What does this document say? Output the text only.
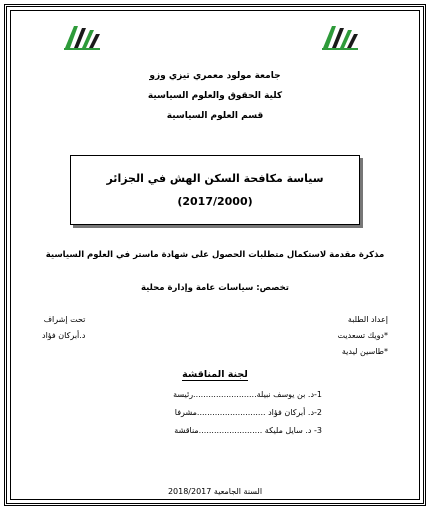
جامعة مولود معمري تيزي وزو
كلية الحقوق والعلوم السياسية
قسم العلوم السياسية
سياسة مكافحة السكن الهش في الجزائر
(2017/2000)
مذكرة مقدمة لاستكمال متطلبات الحصول على شهادة ماستر في العلوم السياسية
تخصص: سياسات عامة وإدارة محلية
إعداد الطلبة
*دويك تسعديت
*طاسين ليدية
تحت إشراف
د.أبركان فؤاد
لجنة المناقشة
1-د. بن يوسف نبيلة.........................رئيسة
2-د. أبركان فؤاد ...........................مشرفا
3- د. سايل مليكة .........................مناقشة
السنة الجامعية 2018/2017
